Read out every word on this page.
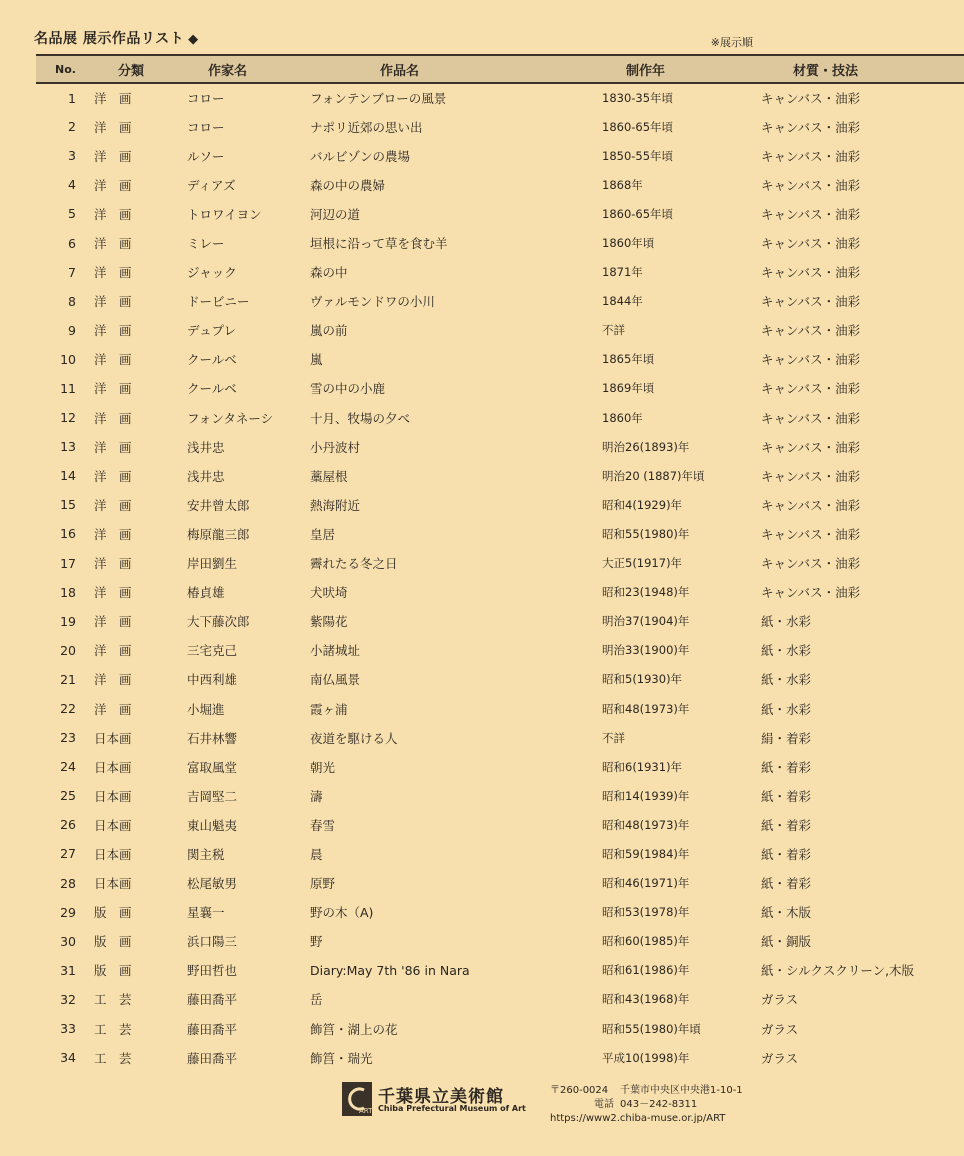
名品展 展示作品リスト ◆	※展示順
No.	分類	作家名	作品名	制作年	材質・技法
1	洋　画	コロー	フォンテンブローの風景	1830-35年頃	キャンバス・油彩
2	洋　画	コロー	ナポリ近郊の思い出	1860-65年頃	キャンバス・油彩
3	洋　画	ルソー	バルビゾンの農場	1850-55年頃	キャンバス・油彩
4	洋　画	ディアズ	森の中の農婦	1868年	キャンバス・油彩
5	洋　画	トロワイヨン	河辺の道	1860-65年頃	キャンバス・油彩
6	洋　画	ミレー	垣根に沿って草を食む羊	1860年頃	キャンバス・油彩
7	洋　画	ジャック	森の中	1871年	キャンバス・油彩
8	洋　画	ドービニー	ヴァルモンドワの小川	1844年	キャンバス・油彩
9	洋　画	デュプレ	嵐の前	不詳	キャンバス・油彩
10	洋　画	クールベ	嵐	1865年頃	キャンバス・油彩
11	洋　画	クールベ	雪の中の小鹿	1869年頃	キャンバス・油彩
12	洋　画	フォンタネーシ	十月、牧場の夕べ	1860年	キャンバス・油彩
13	洋　画	浅井忠	小丹波村	明治26(1893)年	キャンバス・油彩
14	洋　画	浅井忠	藁屋根	明治20 (1887)年頃	キャンバス・油彩
15	洋　画	安井曾太郎	熱海附近	昭和4(1929)年	キャンバス・油彩
16	洋　画	梅原龍三郎	皇居	昭和55(1980)年	キャンバス・油彩
17	洋　画	岸田劉生	霽れたる冬之日	大正5(1917)年	キャンバス・油彩
18	洋　画	椿貞雄	犬吠埼	昭和23(1948)年	キャンバス・油彩
19	洋　画	大下藤次郎	紫陽花	明治37(1904)年	紙・水彩
20	洋　画	三宅克己	小諸城址	明治33(1900)年	紙・水彩
21	洋　画	中西利雄	南仏風景	昭和5(1930)年	紙・水彩
22	洋　画	小堀進	霞ヶ浦	昭和48(1973)年	紙・水彩
23	日本画	石井林響	夜道を駆ける人	不詳	絹・着彩
24	日本画	富取風堂	朝光	昭和6(1931)年	紙・着彩
25	日本画	吉岡堅二	濤	昭和14(1939)年	紙・着彩
26	日本画	東山魁夷	春雪	昭和48(1973)年	紙・着彩
27	日本画	関主税	晨	昭和59(1984)年	紙・着彩
28	日本画	松尾敏男	原野	昭和46(1971)年	紙・着彩
29	版　画	星襄一	野の木（A)	昭和53(1978)年	紙・木版
30	版　画	浜口陽三	野	昭和60(1985)年	紙・銅版
31	版　画	野田哲也	Diary:May 7th '86 in Nara	昭和61(1986)年	紙・シルクスクリーン,木版
32	工　芸	藤田喬平	岳	昭和43(1968)年	ガラス
33	工　芸	藤田喬平	飾筥・湖上の花	昭和55(1980)年頃	ガラス
34	工　芸	藤田喬平	飾筥・瑞光	平成10(1998)年	ガラス
ART
千葉県立美術館
Chiba Prefectural Museum of Art
〒260-0024	千葉市中央区中央港1-10-1
電話 043－242-8311
https://www2.chiba-muse.or.jp/ART
